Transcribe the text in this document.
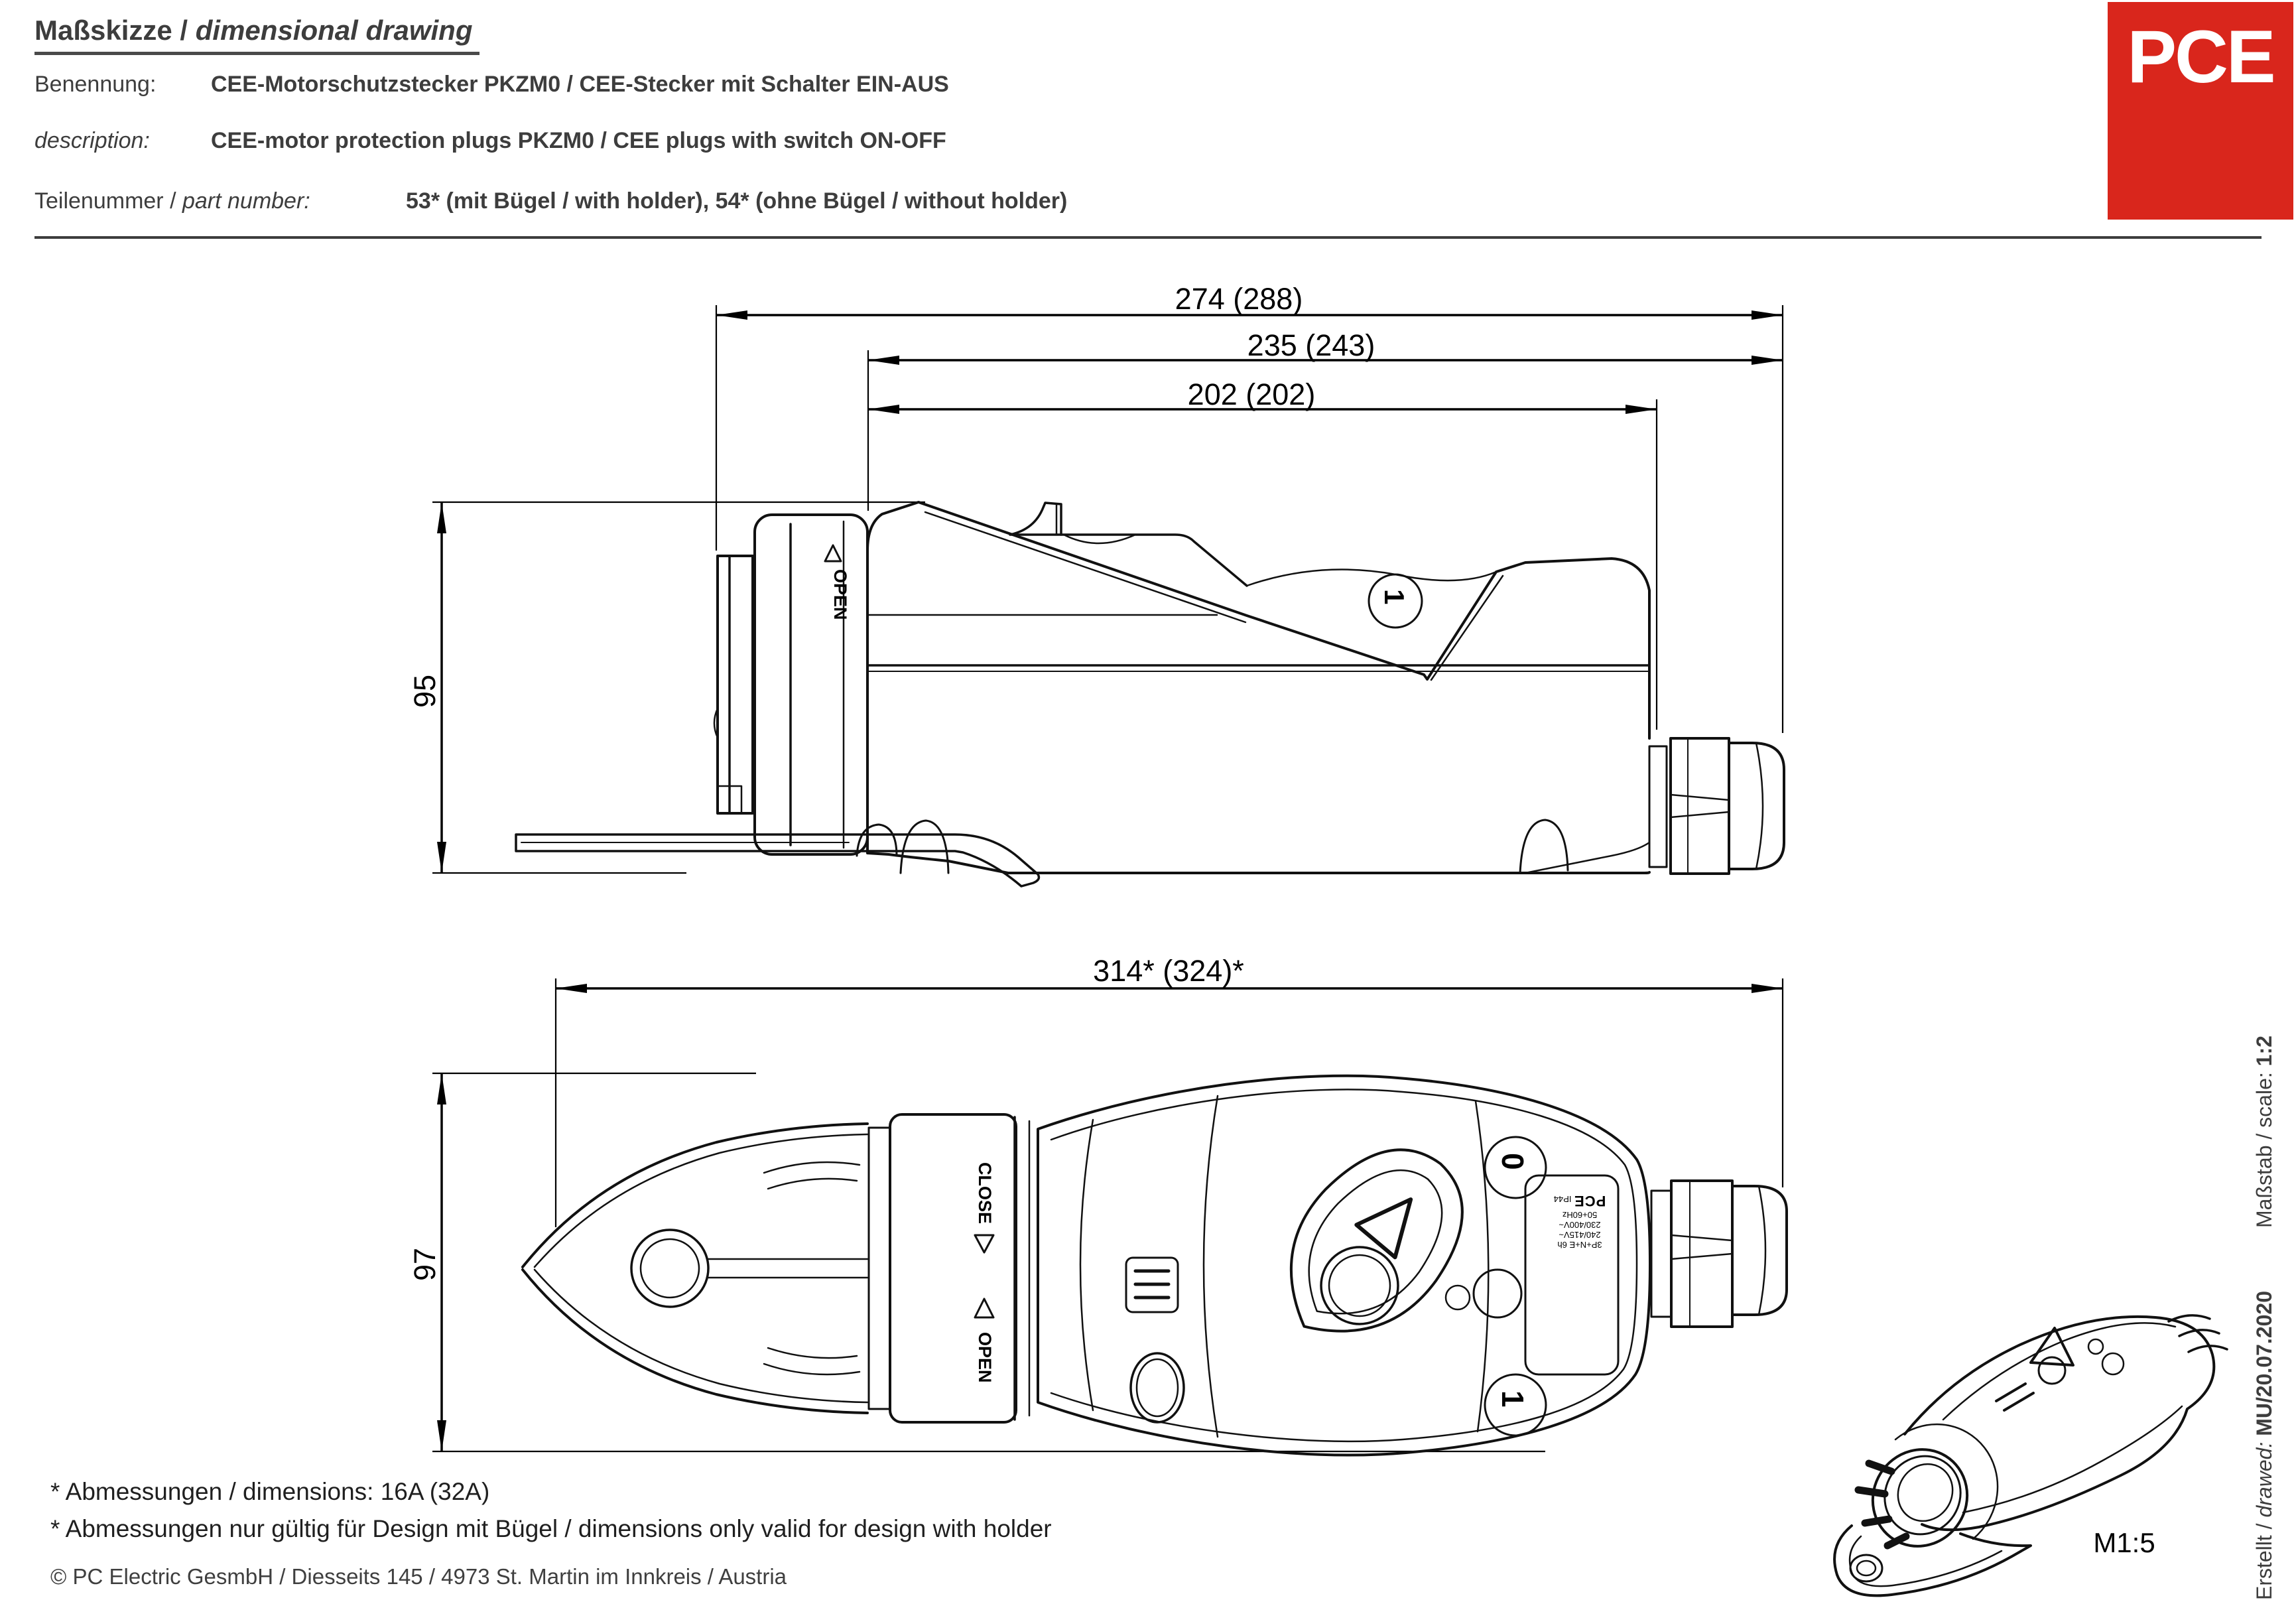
Maßskizze / dimensional drawing
Benennung: CEE-Motorschutzstecker PKZM0 / CEE-Stecker mit Schalter EIN-AUS
description:	CEE-motor protection plugs PKZM0 / CEE plugs with switch ON-OFF
Teilenummer / part number:	53* (mit Bügel / with holder), 54* (ohne Bügel / without holder)
PCE
274 (288)
235 (243)
202 (202)
95
314* (324)*
97
OPEN	1
CLOSE
OPEN
0
1
3P+N+E 6h
240/415V~
230/400V~
50+60Hz
PCE IP44
M1:5
* Abmessungen / dimensions: 16A (32A)
* Abmessungen nur gültig für Design mit Bügel / dimensions only valid for design with holder
© PC Electric GesmbH / Diesseits 145 / 4973 St. Martin im Innkreis / Austria	Erstellt / drawed: MU/20.07.2020
Maßstab / scale: 1:2
